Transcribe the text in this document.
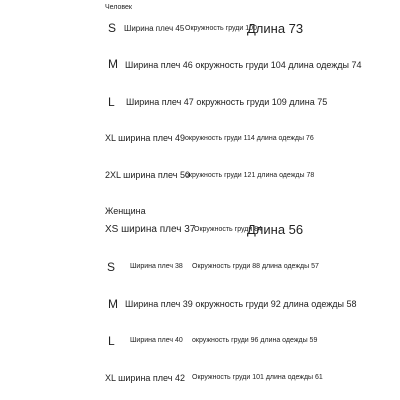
Человек
S Ширина плеч 45 Окружность груди 100
Длина 73
M Ширина плеч 46 окружность груди 104 длина одежды 74
L Ширина плеч 47 окружность груди 109 длина 75
XL ширина плеч 49 окружность груди 114 длина одежды 76
2XL ширина плеч 50
окружность груди 121 длина одежды 78
Женщина
XS ширина плеч 37
Окружность груди 84
Длина 56
S Ширина плеч 38 Окружность груди 88 длина одежды 57
M Ширина плеч 39 окружность груди 92 длина одежды 58
L Ширина плеч 40 окружность груди 96 длина одежды 59
XL ширина плеч 42 Окружность груди 101 длина одежды 61
